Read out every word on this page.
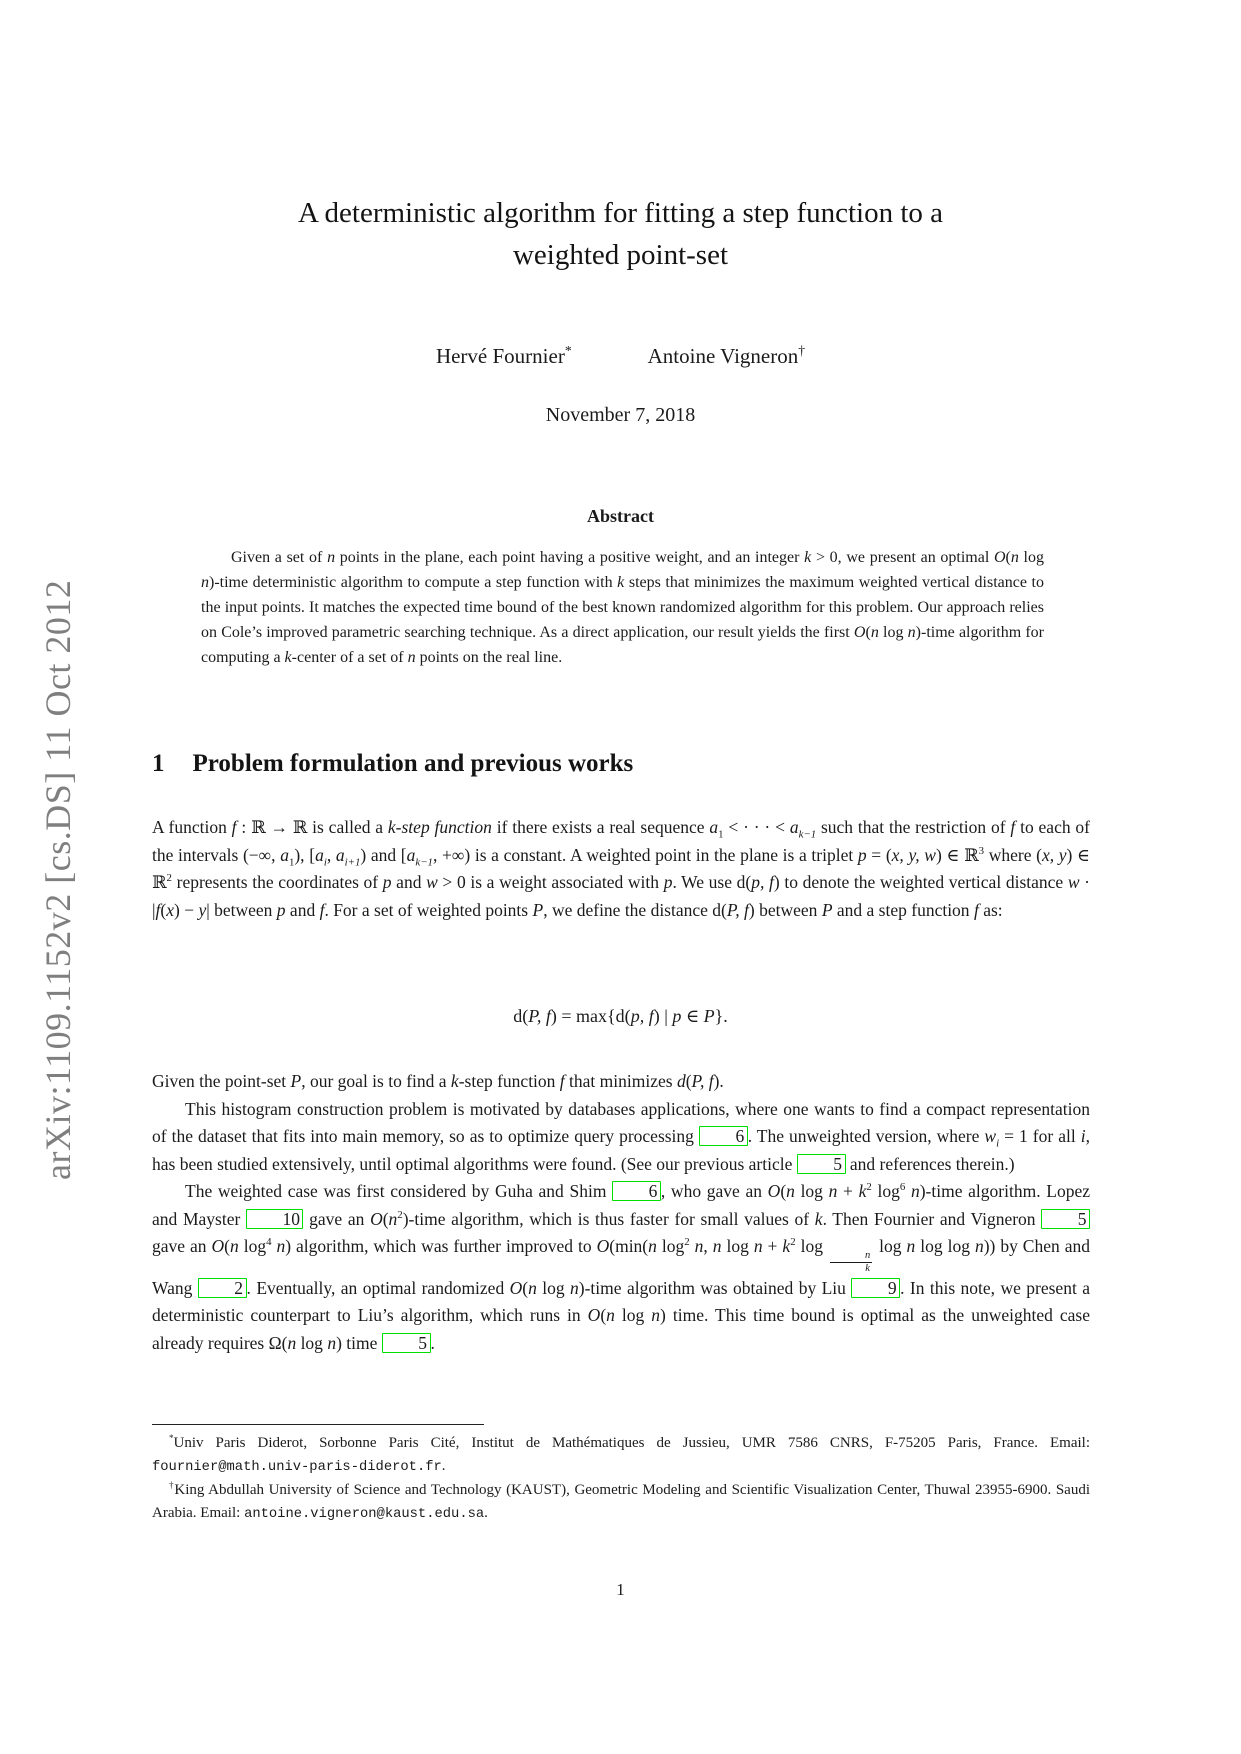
arXiv:1109.1152v2 [cs.DS] 11 Oct 2012
A deterministic algorithm for fitting a step function to a
weighted point-set
Hervé Fournier*	Antoine Vigneron†
November 7, 2018
Abstract
Given a set of n points in the plane, each point having a positive weight, and an integer k > 0, we present an optimal O(n log n)-time deterministic algorithm to compute a step function with k steps that minimizes the maximum weighted vertical distance to the input points. It matches the expected time bound of the best known randomized algorithm for this problem. Our approach relies on Cole’s improved parametric searching technique. As a direct application, our result yields the first O(n log n)-time algorithm for computing a k-center of a set of n points on the real line.
1 Problem formulation and previous works
A function f : ℝ → ℝ is called a k-step function if there exists a real sequence $a_1$ < · · · < $a_{k-1}$ such that the restriction of f to each of the intervals (−∞, $a_1$), [$a_i$, $a_{i+1}$) and [$a_{k-1}$, +∞) is a constant. A weighted point in the plane is a triplet p = (x, y, w) ∈ ℝ$^3$ where (x, y) ∈ ℝ$^2$ represents the coordinates of p and w > 0 is a weight associated with p. We use d(p, f) to denote the weighted vertical distance w · |f(x) − y| between p and f. For a set of weighted points P, we define the distance d(P, f) between P and a step function f as:
d(P, f) = max{d(p, f) | p ∈ P}.

Given the point-set P, our goal is to find a k-step function f that minimizes d(P, f).

This histogram construction problem is motivated by databases applications, where one wants to find a compact representation of the dataset that fits into main memory, so as to optimize query processing 6 . The unweighted version, where $w_i = 1$ for all i, has been studied extensively, until optimal algorithms were found. (See our previous article 5 and references therein.)

The weighted case was first considered by Guha and Shim 6 , who gave an O(n $\log n + k^2$ $\log^6$ n)-time algorithm. Lopez and Mayster 10 gave an $O(n^2)$-time algorithm, which is thus faster for small values of k. Then Fournier and Vigneron 5 gave an O(n $\log^4 n$) algorithm, which was further improved to O(min(n $\log^2 n$, n $\log n + k^2$ log
$\frac{n}{k}$
log n log log n)) by Chen and Wang 2 . Eventually, an optimal randomized O(n log n)-time algorithm was obtained by Liu 9 . In this note, we present a deterministic counterpart to Liu’s algorithm, which runs in O(n log n) time. This time bound is optimal as the unweighted case already requires Ω(n log n) time 5 .

*Univ Paris Diderot, Sorbonne Paris Cité, Institut de Mathématiques de Jussieu, UMR 7586 CNRS, F-75205 Paris, France. Email: fournier@math.univ-paris-diderot.fr.

†King Abdullah University of Science and Technology (KAUST), Geometric Modeling and Scientific Visualization Center, Thuwal 23955-6900. Saudi Arabia. Email: antoine.vigneron@kaust.edu.sa.

1
